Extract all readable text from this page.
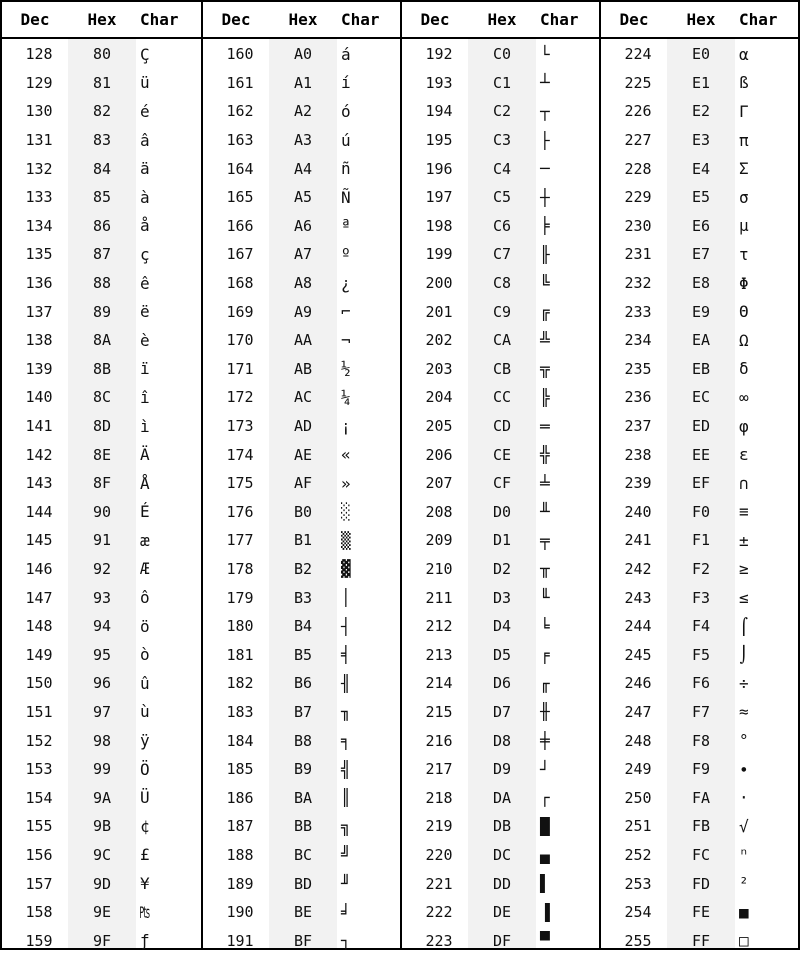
Dec	Hex	Char
128	80	Ç
129	81	ü
130	82	é
131	83	â
132	84	ä
133	85	à
134	86	å
135	87	ç
136	88	ê
137	89	ë
138	8A	è
139	8B	ï
140	8C	î
141	8D	ì
142	8E	Ä
143	8F	Å
144	90	É
145	91	æ
146	92	Æ
147	93	ô
148	94	ö
149	95	ò
150	96	û
151	97	ù
152	98	ÿ
153	99	Ö
154	9A	Ü
155	9B	¢
156	9C	£
157	9D	¥
158	9E	₧
159	9F	ƒ
Dec	Hex	Char
160	A0	á
161	A1	í
162	A2	ó
163	A3	ú
164	A4	ñ
165	A5	Ñ
166	A6	ª
167	A7	º
168	A8	¿
169	A9	⌐
170	AA	¬
171	AB	½
172	AC	¼
173	AD	¡
174	AE	«
175	AF	»
176	B0	░
177	B1	▒
178	B2	▓
179	B3	│
180	B4	┤
181	B5	╡
182	B6	╢
183	B7	╖
184	B8	╕
185	B9	╣
186	BA	║
187	BB	╗
188	BC	╝
189	BD	╜
190	BE	╛
191	BF	┐
Dec	Hex	Char
192	C0	└
193	C1	┴
194	C2	┬
195	C3	├
196	C4	─
197	C5	┼
198	C6	╞
199	C7	╟
200	C8	╚
201	C9	╔
202	CA	╩
203	CB	╦
204	CC	╠
205	CD	═
206	CE	╬
207	CF	╧
208	D0	╨
209	D1	╤
210	D2	╥
211	D3	╙
212	D4	╘
213	D5	╒
214	D6	╓
215	D7	╫
216	D8	╪
217	D9	┘
218	DA	┌
219	DB	█
220	DC	▄
221	DD	▌
222	DE	▐
223	DF	▀
Dec	Hex	Char
224	E0	α
225	E1	ß
226	E2	Γ
227	E3	π
228	E4	Σ
229	E5	σ
230	E6	µ
231	E7	τ
232	E8	Φ
233	E9	Θ
234	EA	Ω
235	EB	δ
236	EC	∞
237	ED	φ
238	EE	ε
239	EF	∩
240	F0	≡
241	F1	±
242	F2	≥
243	F3	≤
244	F4	⌠
245	F5	⌡
246	F6	÷
247	F7	≈
248	F8	°
249	F9	∙
250	FA	·
251	FB	√
252	FC	ⁿ
253	FD	²
254	FE	■
255	FF	□
